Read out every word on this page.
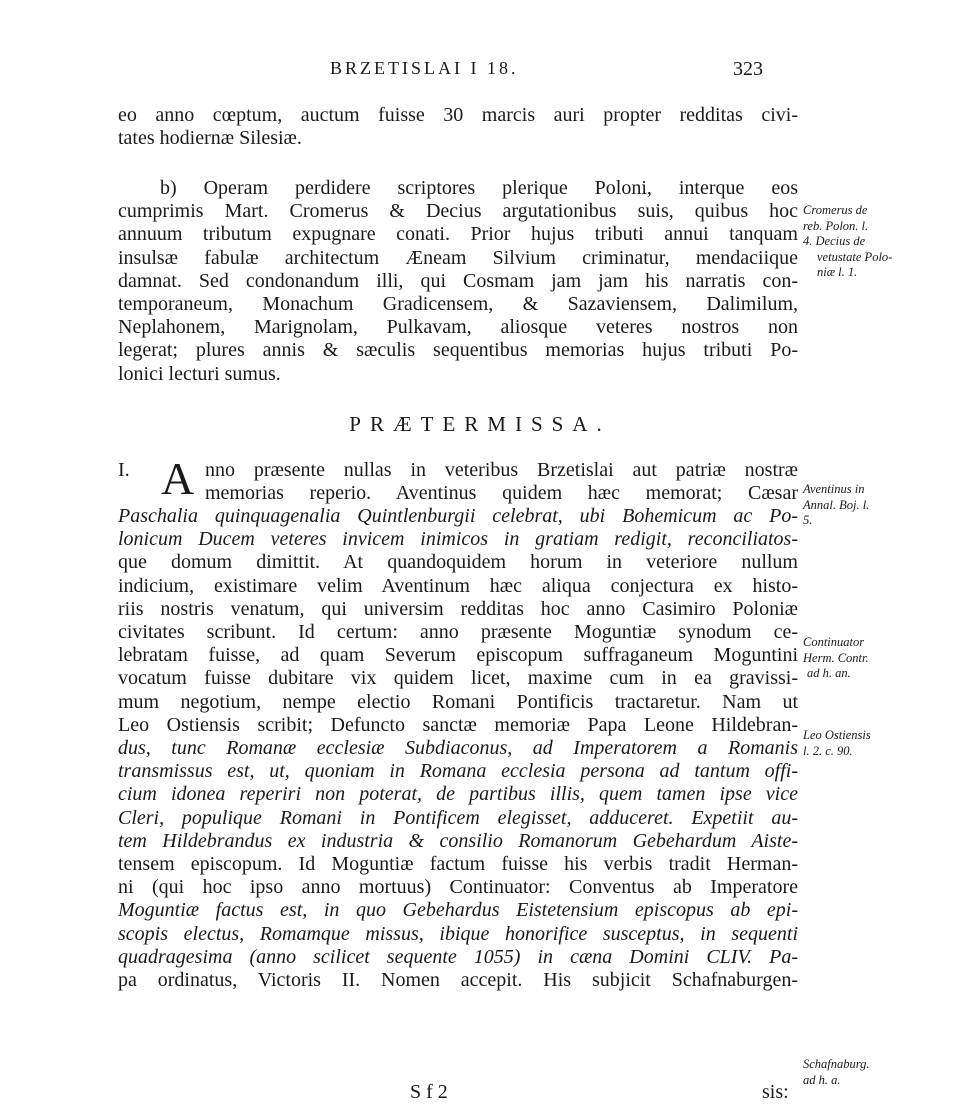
BRZETISLAI I 18.	323
eo anno cœptum, auctum fuisse 30 marcis auri propter redditas civi-
tates hodiernæ Silesiæ.
b) Operam perdidere scriptores plerique Poloni, interque eos
cumprimis Mart. Cromerus & Decius argutationibus suis, quibus hoc
annuum tributum expugnare conati. Prior hujus tributi annui tanquam
insulsæ fabulæ architectum Æneam Silvium criminatur, mendaciique
damnat. Sed condonandum illi, qui Cosmam jam jam his narratis con-
temporaneum, Monachum Gradicensem, & Sazaviensem, Dalimilum,
Neplahonem, Marignolam, Pulkavam, aliosque veteres nostros non
legerat; plures annis & sæculis sequentibus memorias hujus tributi Po-
lonici lecturi sumus.
Cromerus de
reb. Polon. l.
4. Decius de
vetustate Polo-
niæ l. 1.
PRÆTERMISSA.
I. A nno præsente nullas in veteribus Brzetislai aut patriæ nostræ
memorias reperio. Aventinus quidem hæc memorat; Cæsar
Paschalia quinquagenalia Quintlenburgii celebrat, ubi Bohemicum ac Po-
lonicum Ducem veteres invicem inimicos in gratiam redigit, reconciliatos-
que domum dimittit. At quandoquidem horum in veteriore nullum
indicium, existimare velim Aventinum hæc aliqua conjectura ex histo-
riis nostris venatum, qui universim redditas hoc anno Casimiro Poloniæ
civitates scribunt. Id certum: anno præsente Moguntiæ synodum ce-
lebratam fuisse, ad quam Severum episcopum suffraganeum Moguntini
vocatum fuisse dubitare vix quidem licet, maxime cum in ea gravissi-
mum negotium, nempe electio Romani Pontificis tractaretur. Nam ut
Leo Ostiensis scribit; Defuncto sanctæ memoriæ Papa Leone Hildebran-
dus, tunc Romanæ ecclesiæ Subdiaconus, ad Imperatorem a Romanis
transmissus est, ut, quoniam in Romana ecclesia persona ad tantum offi-
cium idonea reperiri non poterat, de partibus illis, quem tamen ipse vice
Cleri, populique Romani in Pontificem elegisset, adduceret. Expetiit au-
tem Hildebrandus ex industria & consilio Romanorum Gebehardum Aiste-
tensem episcopum. Id Moguntiæ factum fuisse his verbis tradit Herman-
ni (qui hoc ipso anno mortuus) Continuator: Conventus ab Imperatore
Moguntiæ factus est, in quo Gebehardus Eistetensium episcopus ab epi-
scopis electus, Romamque missus, ibique honorifice susceptus, in sequenti
quadragesima (anno scilicet sequente 1055) in cæna Domini CLIV. Pa-
pa ordinatus, Victoris II. Nomen accepit. His subjicit Schafnaburgen-
Aventinus in
Annal. Boj. l.
5.
Continuator
Herm. Contr.
ad h. an.
Leo Ostiensis
l. 2. c. 90.
Schafnaburg.
ad h. a.
S f 2	sis:
